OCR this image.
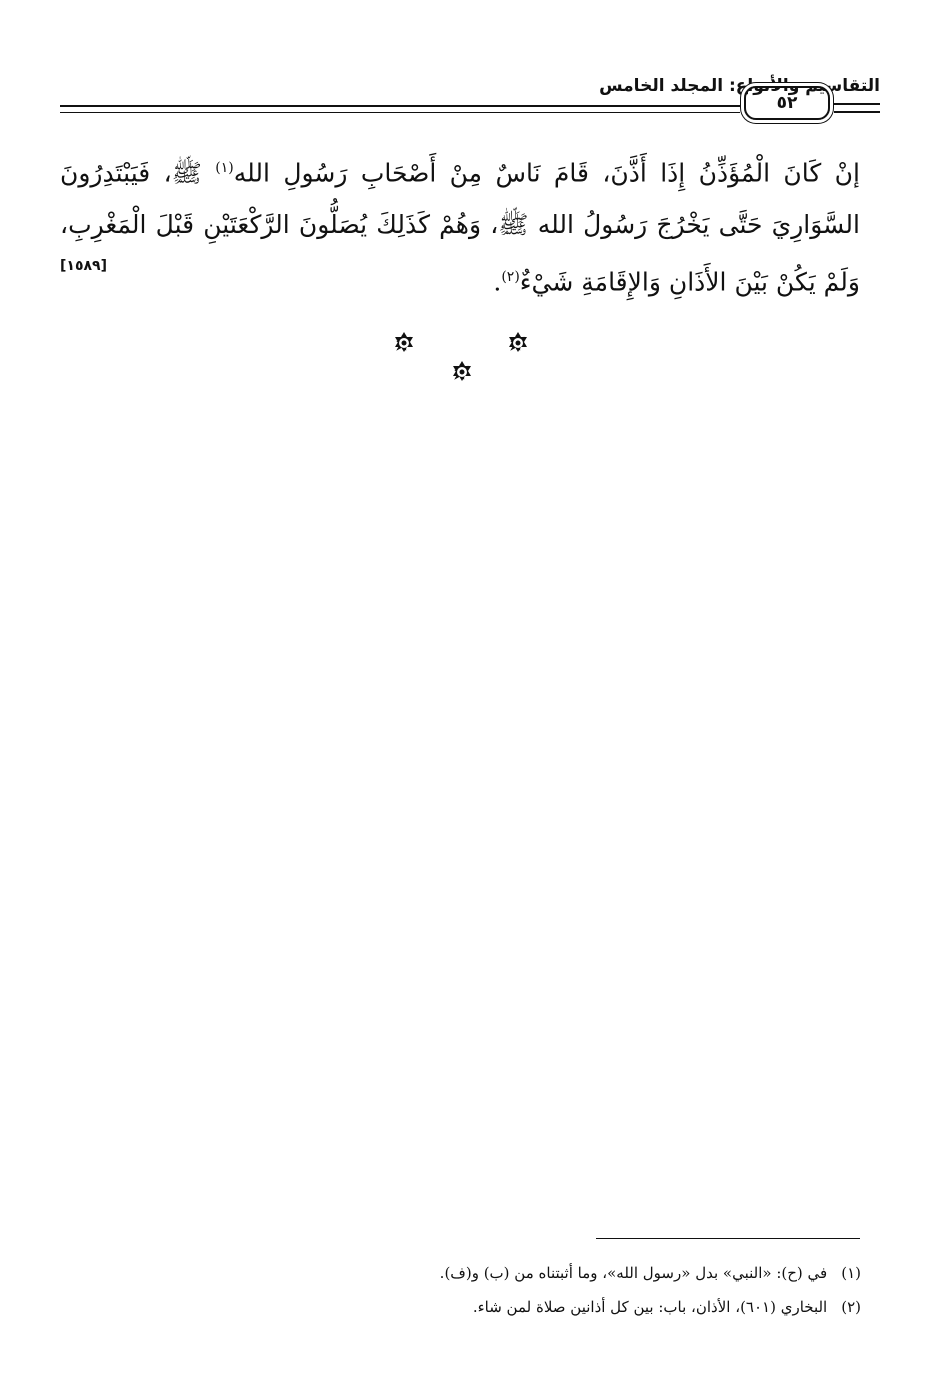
التقاسيم والأنواع: المجلد الخامس
٥٢
إنْ كَانَ الْمُؤَذِّنُ إِذَا أَذَّنَ، قَامَ نَاسٌ مِنْ أَصْحَابِ رَسُولِ الله$^{(١)}$ ﷺ، فَيَبْتَدِرُونَ السَّوَارِيَ حَتَّى يَخْرُجَ رَسُولُ الله ﷺ، وَهُمْ كَذَلِكَ يُصَلُّونَ الرَّكْعَتَيْنِ قَبْلَ الْمَغْرِبِ، وَلَمْ يَكُنْ بَيْنَ الأَذَانِ وَالإِقَامَةِ شَيْءٌ$^{(٢)}$.
[١٥٨٩]
(١)
في (ح): «النبي» بدل «رسول الله»، وما أثبتناه من (ب) و(ف).
(٢)
البخاري (٦٠١)، الأذان، باب: بين كل أذانين صلاة لمن شاء.
